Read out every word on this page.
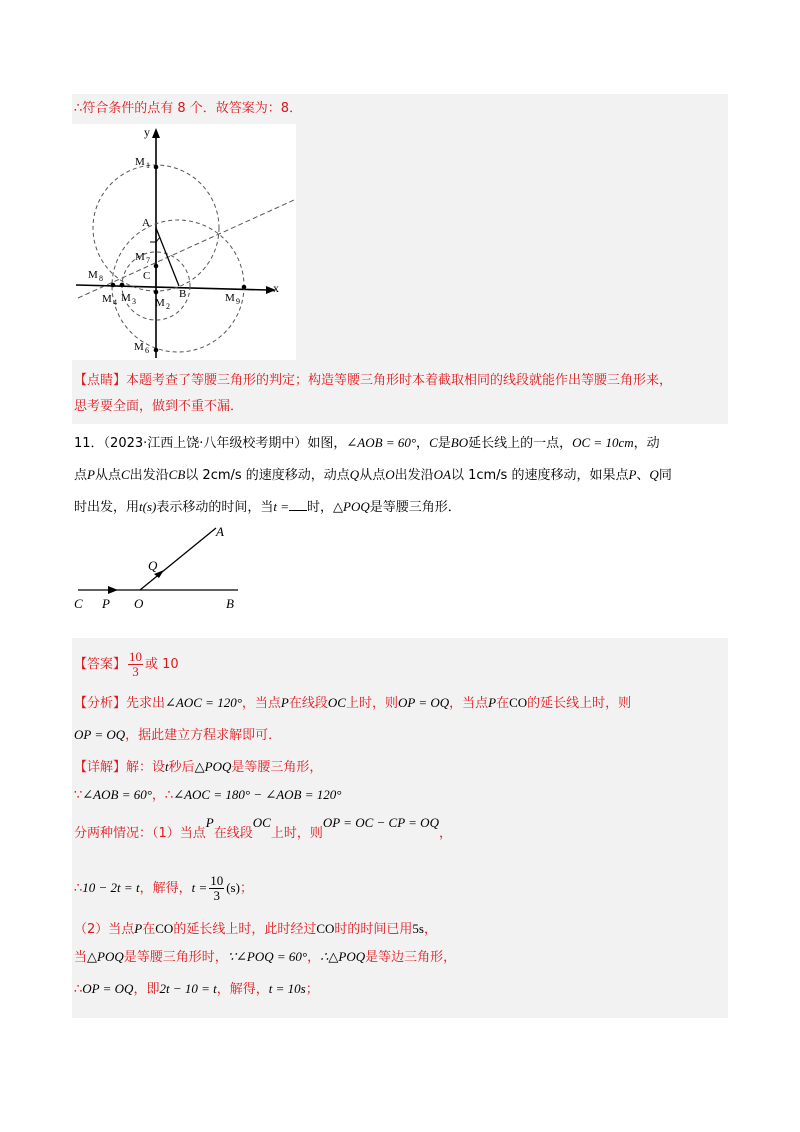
∴符合条件的点有 8 个．故答案为：8．
y
x
M 1
A
M 7
C
M 8
M 4 M 3 M 2
B	M 9
M 6
【点睛】本题考查了等腰三角形的判定；构造等腰三角形时本着截取相同的线段就能作出等腰三角形来，
思考要全面，做到不重不漏．
11．（2023·江西上饶·八年级校考期中）如图，∠AOB = 60°，C是BO延长线上的一点，OC = 10cm，动
点P从点C出发沿CB以 2cm/s 的速度移动，动点Q从点O出发沿OA以 1cm/s 的速度移动，如果点P、Q同
时出发，用t(s)表示移动的时间，当t = 时，△POQ是等腰三角形．
A
Q
C P O	B
【答案】 $\frac{10}{3}$ 或 10
【分析】先求出∠AOC = 120°，当点P在线段OC上时，则OP = OQ，当点P在CO的延长线上时，则
OP = OQ，据此建立方程求解即可．
【详解】解：设t秒后△POQ是等腰三角形，
∵∠AOB = 60°，∴∠AOC = 180° − ∠AOB = 120°
分两种情况：（1）当点P在线段OC上时，则OP = OC − CP = OQ，
∴10 − 2t = t，解得，$t = \frac{10}{3} (s)$；
（2）当点P在CO的延长线上时，此时经过CO时的时间已用5s，
当△POQ是等腰三角形时，∵∠POQ = 60°，∴△POQ是等边三角形，
∴OP = OQ，即2t − 10 = t，解得，t = 10s；
